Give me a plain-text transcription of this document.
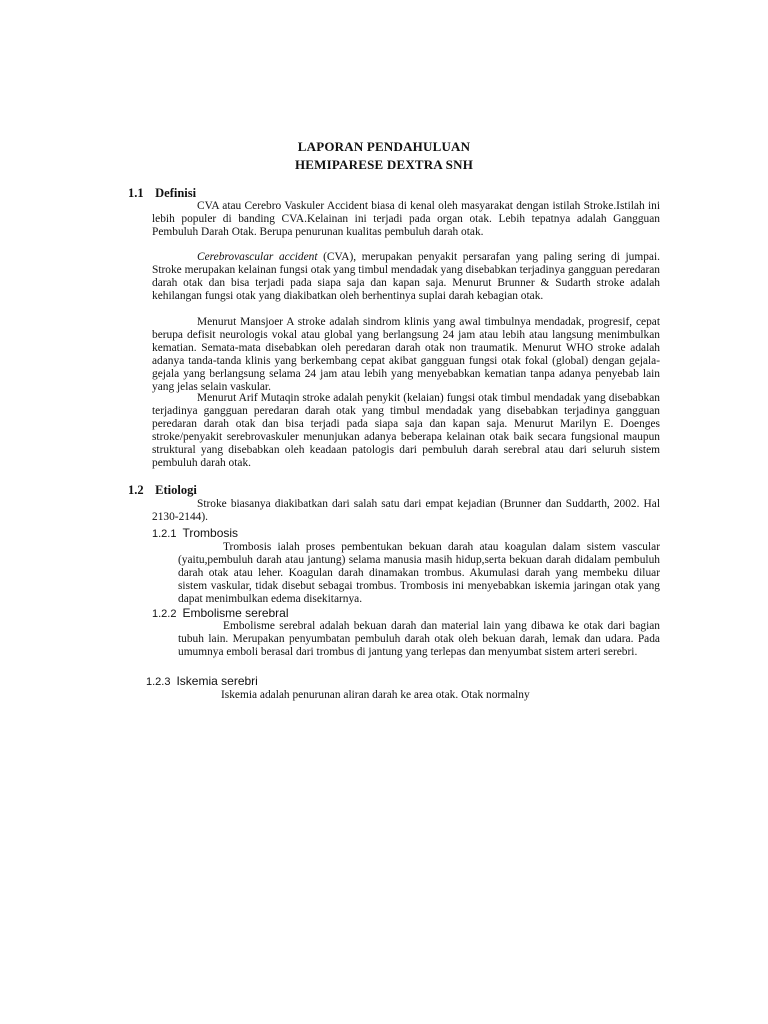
LAPORAN PENDAHULUAN
HEMIPARESE DEXTRA SNH
1.1 Definisi
CVA atau Cerebro Vaskuler Accident biasa di kenal oleh masyarakat dengan istilah Stroke.Istilah ini lebih populer di banding CVA.Kelainan ini terjadi pada organ otak. Lebih tepatnya adalah Gangguan Pembuluh Darah Otak. Berupa penurunan kualitas pembuluh darah otak.
Cerebrovascular accident (CVA), merupakan penyakit persarafan yang paling sering di jumpai. Stroke merupakan kelainan fungsi otak yang timbul mendadak yang disebabkan terjadinya gangguan peredaran darah otak dan bisa terjadi pada siapa saja dan kapan saja. Menurut Brunner & Sudarth stroke adalah kehilangan fungsi otak yang diakibatkan oleh berhentinya suplai darah kebagian otak.
Menurut Mansjoer A stroke adalah sindrom klinis yang awal timbulnya mendadak, progresif, cepat berupa defisit neurologis vokal atau global yang berlangsung 24 jam atau lebih atau langsung menimbulkan kematian. Semata-mata disebabkan oleh peredaran darah otak non traumatik. Menurut WHO stroke adalah adanya tanda-tanda klinis yang berkembang cepat akibat gangguan fungsi otak fokal (global) dengan gejala-gejala yang berlangsung selama 24 jam atau lebih yang menyebabkan kematian tanpa adanya penyebab lain yang jelas selain vaskular.
Menurut Arif Mutaqin stroke adalah penykit (kelaian) fungsi otak timbul mendadak yang disebabkan terjadinya gangguan peredaran darah otak yang timbul mendadak yang disebabkan terjadinya gangguan peredaran darah otak dan bisa terjadi pada siapa saja dan kapan saja. Menurut Marilyn E. Doenges stroke/penyakit serebrovaskuler menunjukan adanya beberapa kelainan otak baik secara fungsional maupun struktural yang disebabkan oleh keadaan patologis dari pembuluh darah serebral atau dari seluruh sistem pembuluh darah otak.
1.2 Etiologi
Stroke biasanya diakibatkan dari salah satu dari empat kejadian (Brunner dan Suddarth, 2002. Hal 2130-2144).
1.2.1 Trombosis
Trombosis ialah proses pembentukan bekuan darah atau koagulan dalam sistem vascular (yaitu,pembuluh darah atau jantung) selama manusia masih hidup,serta bekuan darah didalam pembuluh darah otak atau leher. Koagulan darah dinamakan trombus. Akumulasi darah yang membeku diluar sistem vaskular, tidak disebut sebagai trombus. Trombosis ini menyebabkan iskemia jaringan otak yang dapat menimbulkan edema disekitarnya.
1.2.2 Embolisme serebral
Embolisme serebral adalah bekuan darah dan material lain yang dibawa ke otak dari bagian tubuh lain. Merupakan penyumbatan pembuluh darah otak oleh bekuan darah, lemak dan udara. Pada umumnya emboli berasal dari trombus di jantung yang terlepas dan menyumbat sistem arteri serebri.
1.2.3 Iskemia serebri
Iskemia adalah penurunan aliran darah ke area otak. Otak normalny
